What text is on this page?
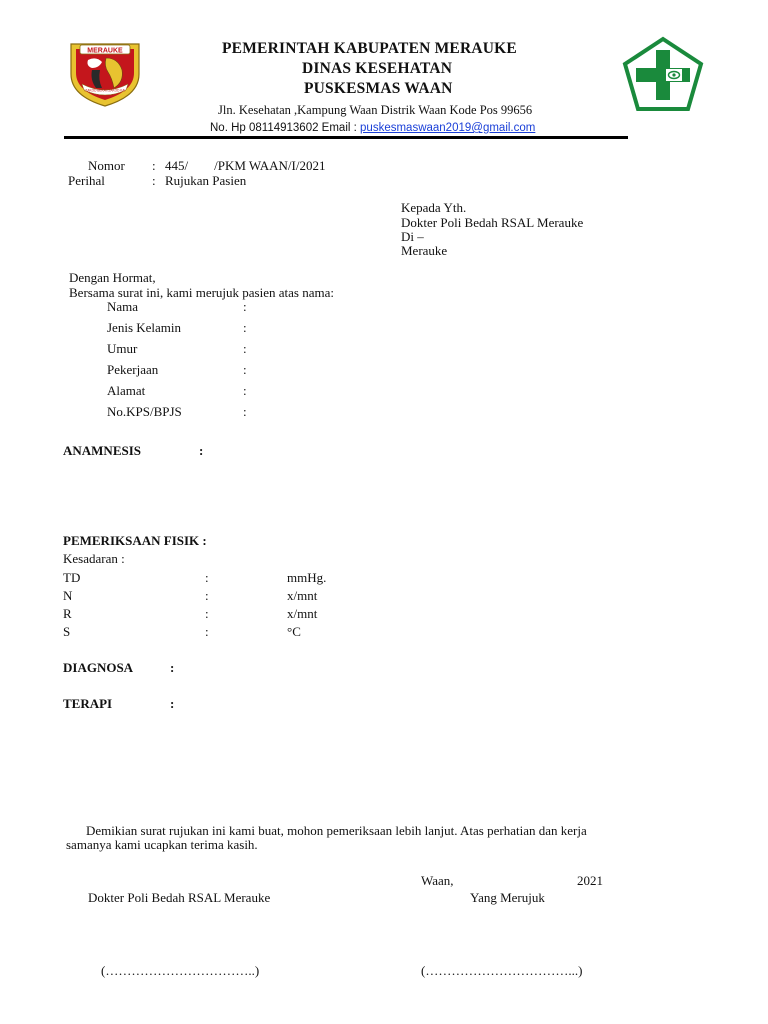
MERAUKE
IZAKOD BEKAI IZAKOD KAI
PEMERINTAH KABUPATEN MERAUKE
DINAS KESEHATAN
PUSKESMAS WAAN
Jln. Kesehatan ,Kampung Waan Distrik Waan Kode Pos 99656
No. Hp 08114913602 Email : puskesmaswaan2019@gmail.com
Nomor : 445/        /PKM WAAN/I/2021
Perihal	: Rujukan Pasien
Kepada Yth.
Dokter Poli Bedah RSAL Merauke
Di –
Merauke
Dengan Hormat,
Bersama surat ini, kami merujuk pasien atas nama:
Nama	:
Jenis Kelamin	:
Umur	:
Pekerjaan	:
Alamat	:
No.KPS/BPJS	:
ANAMNESIS	:
PEMERIKSAAN FISIK :
Kesadaran :
TD	:	mmHg.
N	:	x/mnt
R	:	x/mnt
S	:	°C
DIAGNOSA	:
TERAPI	:
Demikian surat rujukan ini kami buat, mohon pemeriksaan lebih lanjut. Atas perhatian dan kerja
samanya kami ucapkan terima kasih.
Waan,	2021
Dokter Poli Bedah RSAL Merauke	Yang Merujuk
(……………………………..)	(……………………………...)
